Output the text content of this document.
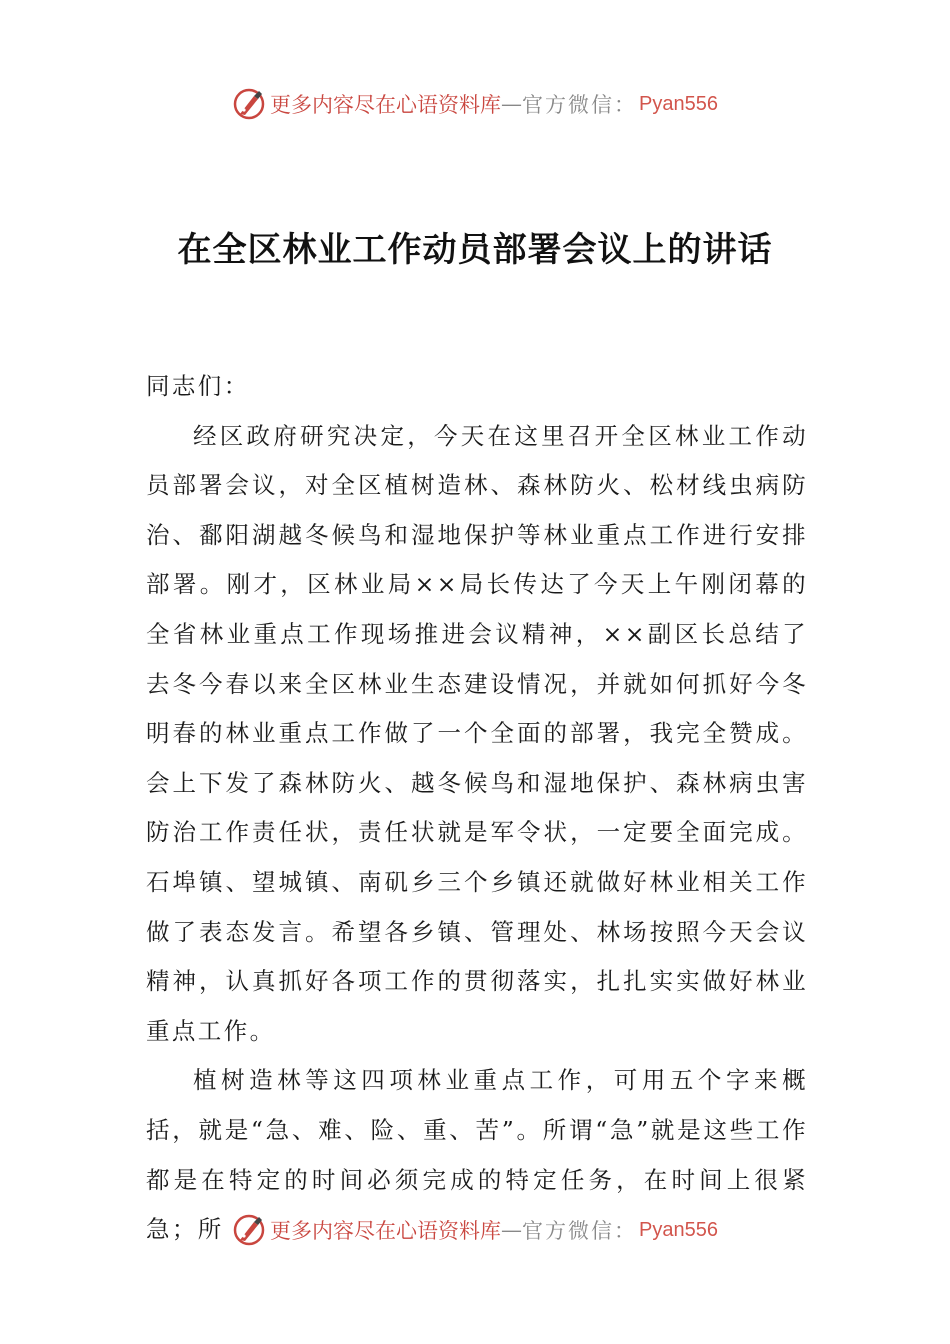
更多内容尽在心语资料库 — 官方微信： Pyan556
在全区林业工作动员部署会议上的讲话

同志们：

经区政府研究决定，今天在这里召开全区林业工作动员部署会议，对全区植树造林、森林防火、松材线虫病防治、鄱阳湖越冬候鸟和湿地保护等林业重点工作进行安排部署。刚才，区林业局××局长传达了今天上午刚闭幕的全省林业重点工作现场推进会议精神，××副区长总结了去冬今春以来全区林业生态建设情况，并就如何抓好今冬明春的林业重点工作做了一个全面的部署，我完全赞成。会上下发了森林防火、越冬候鸟和湿地保护、森林病虫害防治工作责任状，责任状就是军令状，一定要全面完成。石埠镇、望城镇、南矶乡三个乡镇还就做好林业相关工作做了表态发言。希望各乡镇、管理处、林场按照今天会议精神，认真抓好各项工作的贯彻落实，扎扎实实做好林业重点工作。

植树造林等这四项林业重点工作，可用五个字来概括，就是“急、难、险、重、苦”。所谓“急”就是这些工作都是在特定的时间必须完成的特定任务，在时间上很紧急；所	更多内容尽在心语资料库 — 官方微信： Pyan556
